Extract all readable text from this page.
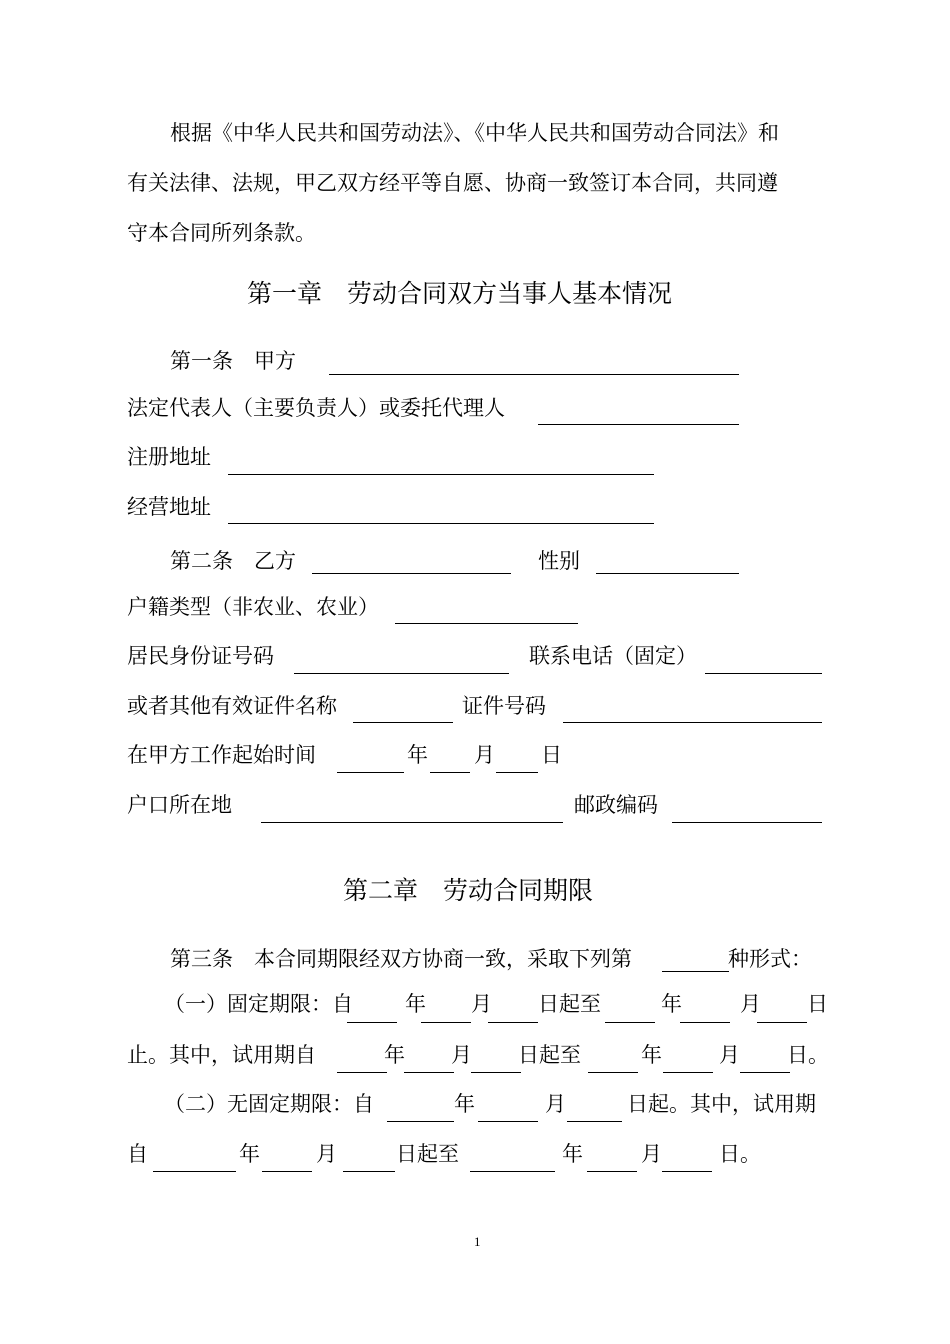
根据《中华人民共和国劳动法》、《中华人民共和国劳动合同法》和
有关法律、法规，甲乙双方经平等自愿、协商一致签订本合同，共同遵
守本合同所列条款。
第一章　劳动合同双方当事人基本情况
第一条　甲方
法定代表人（主要负责人）或委托代理人
注册地址
经营地址
第二条　乙方	性别
户籍类型（非农业、农业）
居民身份证号码	联系电话（固定）
或者其他有效证件名称	证件号码
在甲方工作起始时间	年 月 日
户口所在地	邮政编码
第二章　劳动合同期限
第三条　本合同期限经双方协商一致，采取下列第	种形式：
（一）固定期限：自 年 月 日起至	年	月 日
止。其中，试用期自	年 月 日起至	年	月 日。
（二）无固定期限：自	年	月	日起。其中，试用期
自	年	月	日起至	年	月	日。
1
